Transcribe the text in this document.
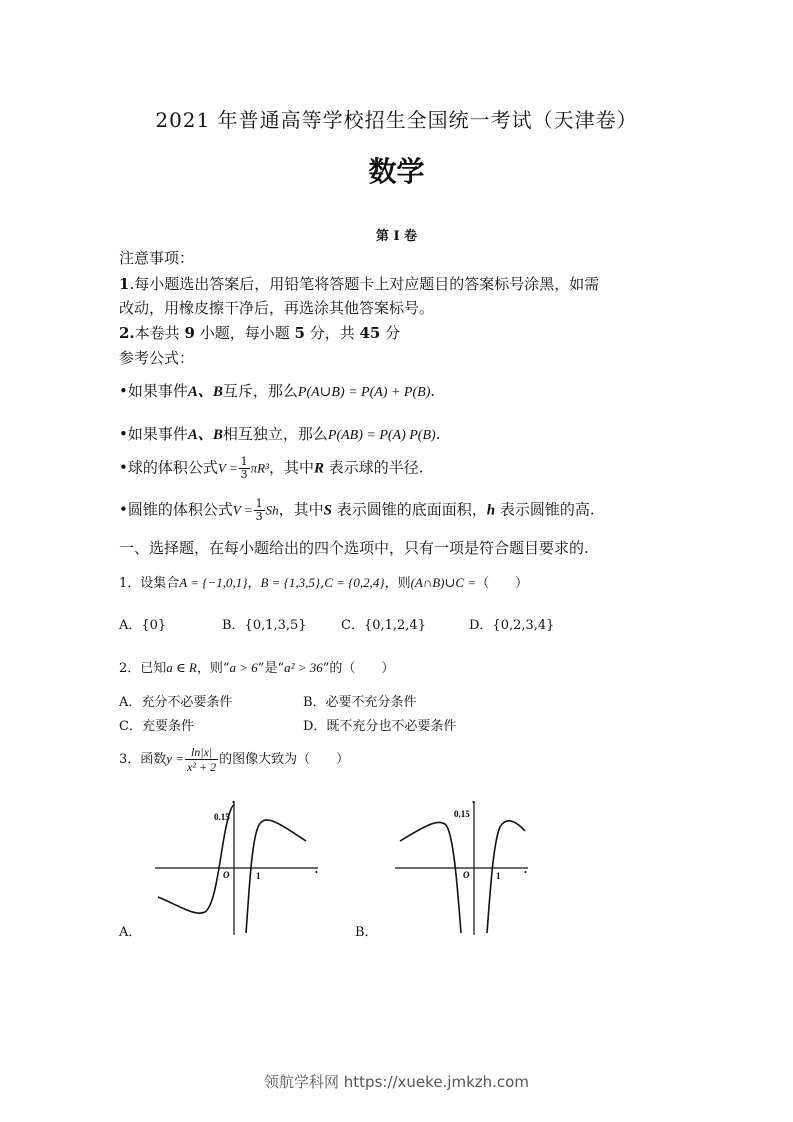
2021 年普通高等学校招生全国统一考试（天津卷）
数学
第 I 卷
注意事项：
1.每小题选出答案后，用铅笔将答题卡上对应题目的答案标号涂黑，如需
改动，用橡皮擦干净后，再选涂其他答案标号。
2.本卷共 9 小题，每小题 5 分，共 45 分
参考公式：
•如果事件A、B互斥，那么P(A∪B) = P(A) + P(B).
•如果事件A、B相互独立，那么P(AB) = P(A) P(B).
•球的体积公式$V = \frac{1}{3} \pi R^3$，其中R 表示球的半径.
•圆锥的体积公式$V = \frac{1}{3}$ Sh，其中S 表示圆锥的底面面积，h 表示圆锥的高.
一、选择题，在每小题给出的四个选项中，只有一项是符合题目要求的.
1．设集合A = {−1,0,1}，B = {1,3,5},C = {0,2,4}，则(A∩B)∪C =（　　）
A．{0}	B．{0,1,3,5}	C．{0,1,2,4}	D．{0,2,3,4}
2．已知a ∈ R，则“a > 6”是“a² > 36”的（　　）
A．充分不必要条件	B．必要不充分条件
C．充要条件	D．既不充分也不必要条件
3．函数$y = \frac{\ln|x|}{\text{x² + 2}}$ 的图像大致为（　　）
•
•
0.15
O	1
A．
•
•
0.15
O	1
B．
领航学科网 https://xueke.jmkzh.com
